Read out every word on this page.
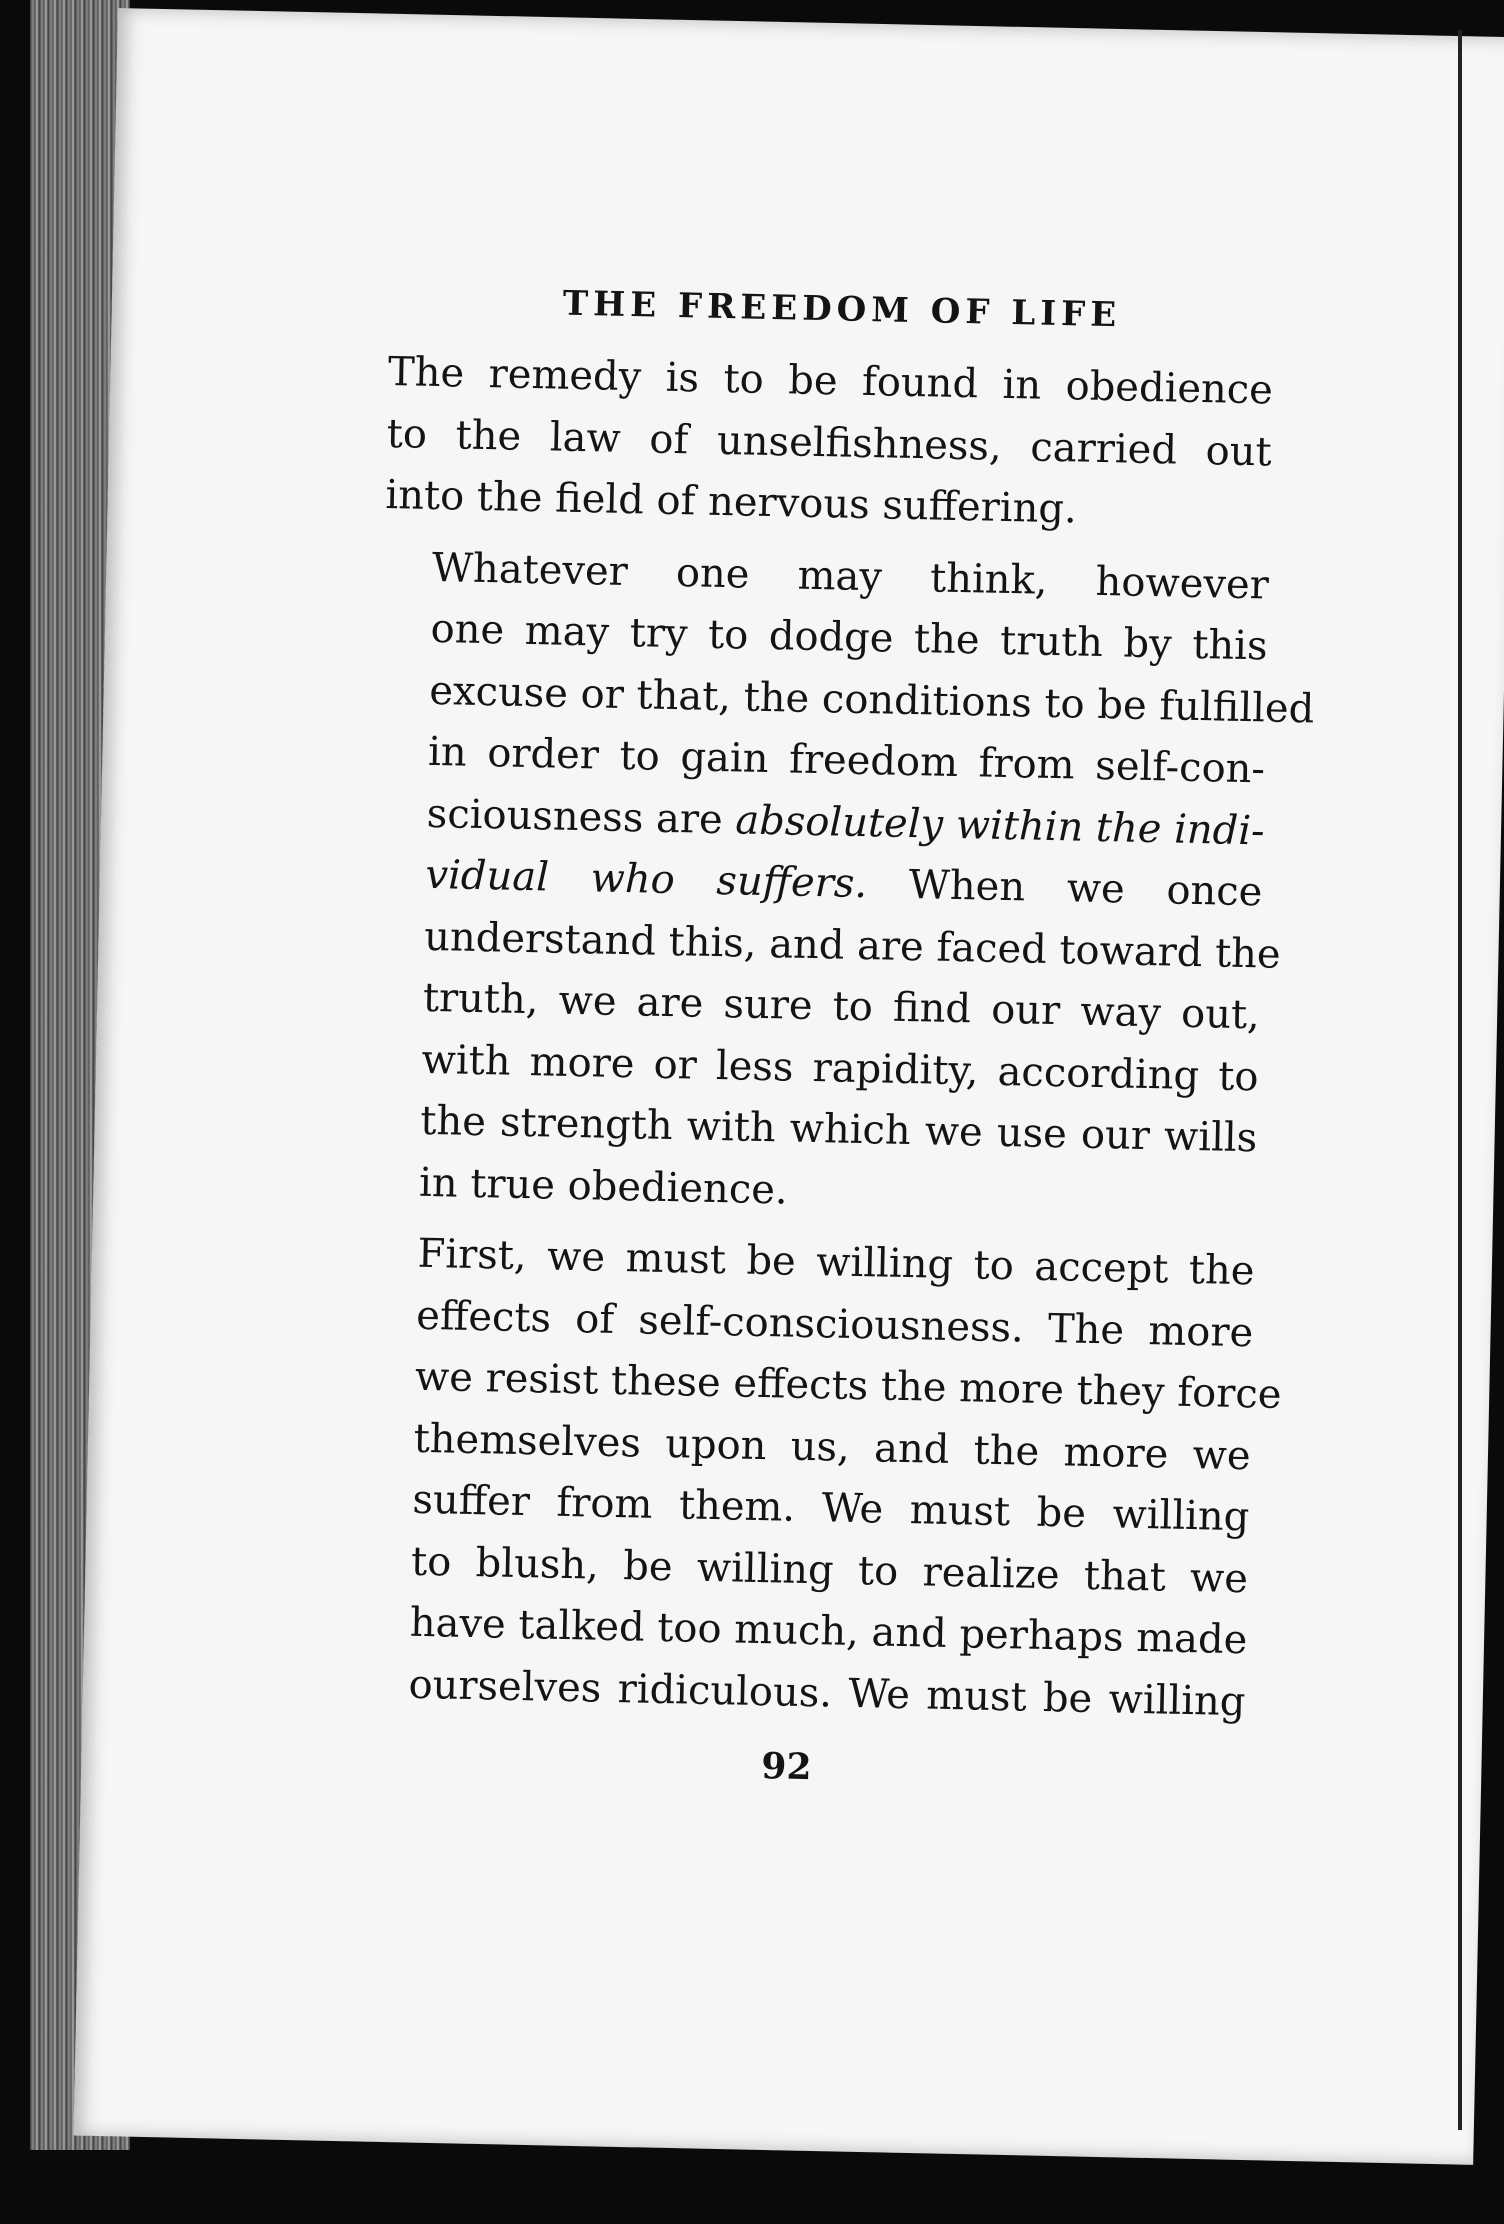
THE FREEDOM OF LIFE

The remedy is to be found in obedience
to the law of unselfishness, carried out
into the field of nervous suffering.

Whatever one may think, however
one may try to dodge the truth by this
excuse or that, the conditions to be fulfilled
in order to gain freedom from self-con-
sciousness are absolutely within the indi-
vidual who suffers. When we once
understand this, and are faced toward the
truth, we are sure to find our way out,
with more or less rapidity, according to
the strength with which we use our wills
in true obedience.

First, we must be willing to accept the
effects of self-consciousness. The more
we resist these effects the more they force
themselves upon us, and the more we
suffer from them. We must be willing
to blush, be willing to realize that we
have talked too much, and perhaps made
ourselves ridiculous. We must be willing

92
